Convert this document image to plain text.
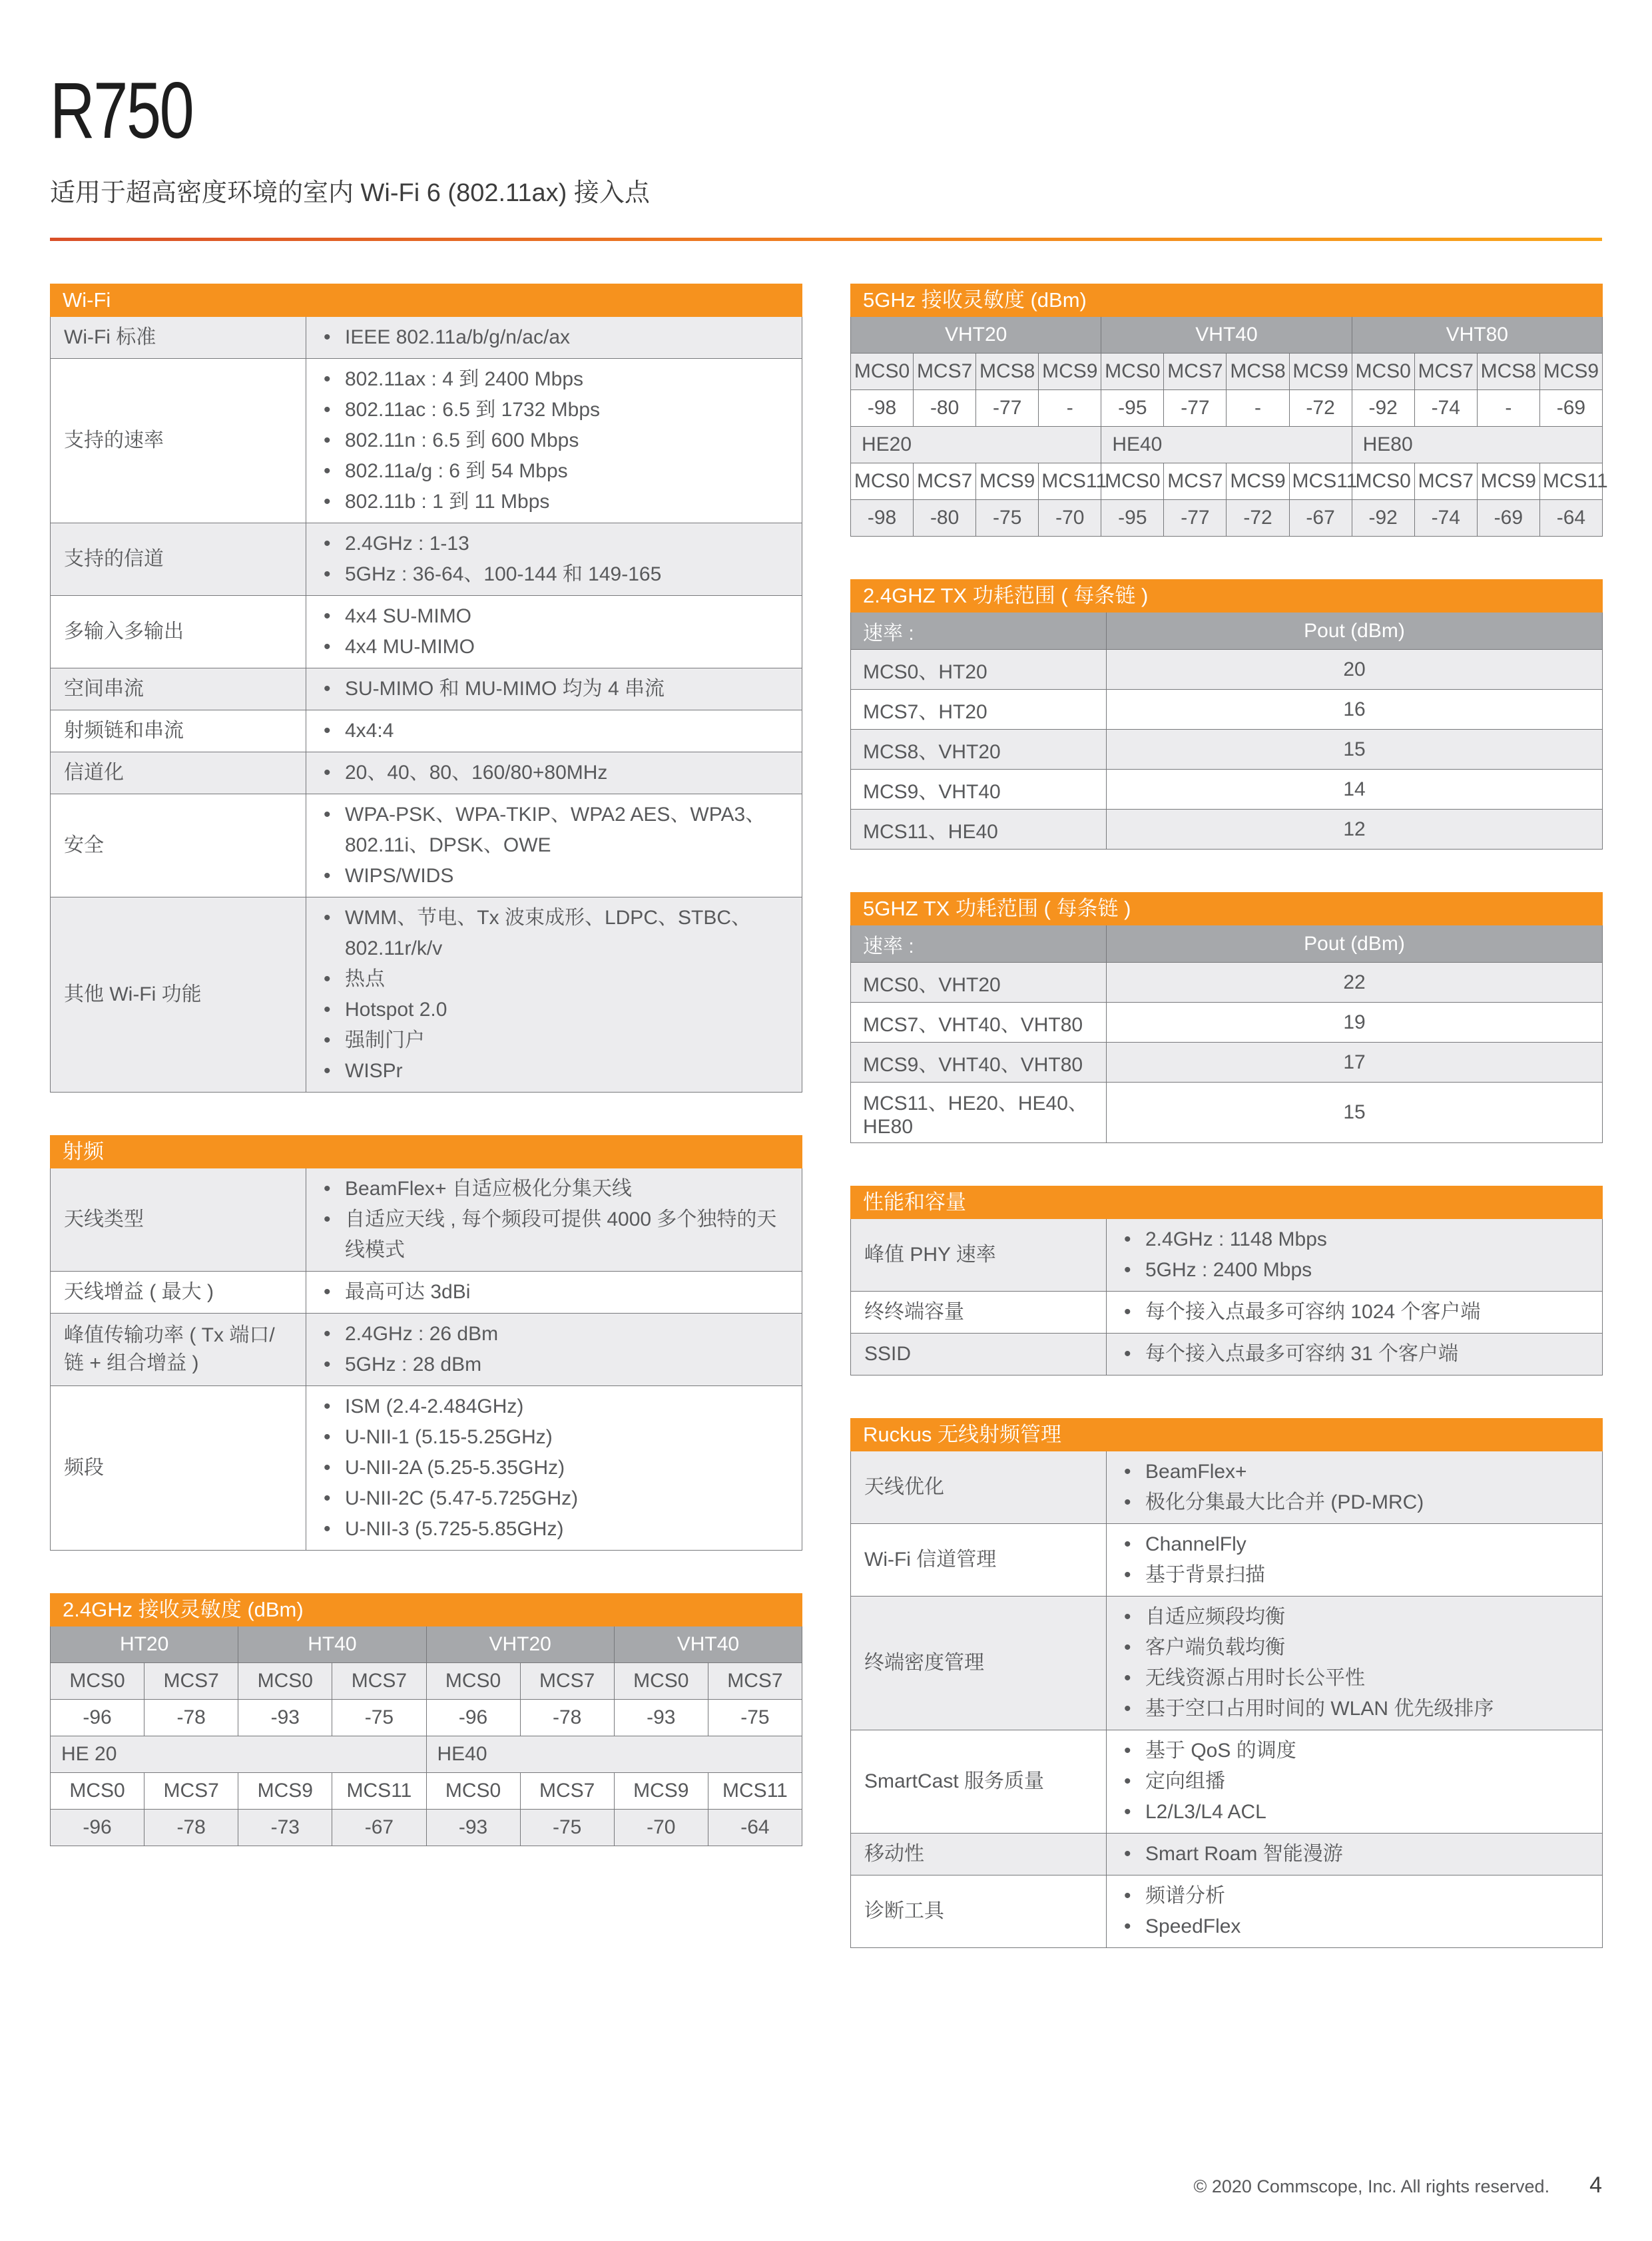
R750
适用于超高密度环境的室内 Wi-Fi 6 (802.11ax) 接入点
Wi-Fi	
Wi-Fi 标准	
•IEEE 802.11a/b/g/n/ac/ax

支持的速率	
• 802.11ax : 4 到 2400 Mbps
• 802.11ac : 6.5 到 1732 Mbps
• 802.11n : 6.5 到 600 Mbps
• 802.11a/g : 6 到 54 Mbps
• 802.11b : 1 到 11 Mbps

支持的信道	
• 2.4GHz : 1-13
• 5GHz : 36-64、100-144 和 149-165

多输入多输出	
• 4x4 SU-MIMO
• 4x4 MU-MIMO

空间串流	
•SU-MIMO 和 MU-MIMO 均为 4 串流

射频链和串流	
•4x4:4

信道化	
•20、40、80、160/80+80MHz

安全	
• WPA-PSK、WPA-TKIP、WPA2 AES、WPA3、802.11i、DPSK、OWE
• WIPS/WIDS

其他 Wi-Fi 功能	
• WMM、节电、Tx 波束成形、LDPC、STBC、802.11r/k/v
• 热点
• Hotspot 2.0
• 强制门户
• WISPr
射频	
天线类型	
• BeamFlex+ 自适应极化分集天线
• 自适应天线 , 每个频段可提供 4000 多个独特的天线模式

天线增益 ( 最大 )	
•最高可达 3dBi

峰值传输功率 ( Tx 端口/链 + 组合增益 )	
• 2.4GHz : 26 dBm
• 5GHz : 28 dBm

频段	
• ISM (2.4-2.484GHz)
• U-NII-1 (5.15-5.25GHz)
• U-NII-2A (5.25-5.35GHz)
• U-NII-2C (5.47-5.725GHz)
• U-NII-3 (5.725-5.85GHz)
2.4GHz 接收灵敏度 (dBm)							
HT20		HT40		VHT20		VHT40	
MCS0	MCS7	MCS0	MCS7	MCS0	MCS7	MCS0	MCS7
-96	-78	-93	-75	-96	-78	-93	-75
HE 20				HE40			
MCS0	MCS7	MCS9	MCS11	MCS0	MCS7	MCS9	MCS11
-96	-78	-73	-67	-93	-75	-70	-64
5GHz 接收灵敏度 (dBm)											
VHT20				VHT40				VHT80			
MCS0	MCS7	MCS8	MCS9	MCS0	MCS7	MCS8	MCS9	MCS0	MCS7	MCS8	MCS9
-98	-80	-77	-	-95	-77	-	-72	-92	-74	-	-69
HE20				HE40				HE80			
MCS0	MCS7	MCS9	MCS11	MCS0	MCS7	MCS9	MCS11	MCS0	MCS7	MCS9	MCS11
-98	-80	-75	-70	-95	-77	-72	-67	-92	-74	-69	-64
2.4GHZ TX 功耗范围 ( 每条链 )	
速率 :	Pout (dBm)
MCS0、HT20	20
MCS7、HT20	16
MCS8、VHT20	15
MCS9、VHT40	14
MCS11、HE40	12
5GHZ TX 功耗范围 ( 每条链 )	
速率 :	Pout (dBm)
MCS0、VHT20	22
MCS7、VHT40、VHT80	19
MCS9、VHT40、VHT80	17
MCS11、HE20、HE40、HE80	15
性能和容量	
峰值 PHY 速率	
• 2.4GHz : 1148 Mbps
• 5GHz : 2400 Mbps

终终端容量	
•每个接入点最多可容纳 1024 个客户端

SSID	
•每个接入点最多可容纳 31 个客户端
Ruckus 无线射频管理	
天线优化	
• BeamFlex+
• 极化分集最大比合并 (PD-MRC)

Wi-Fi 信道管理	
• ChannelFly
• 基于背景扫描

终端密度管理	
• 自适应频段均衡
• 客户端负载均衡
• 无线资源占用时长公平性
• 基于空口占用时间的 WLAN 优先级排序

SmartCast 服务质量	
• 基于 QoS 的调度
• 定向组播
• L2/L3/L4 ACL

移动性	
•Smart Roam 智能漫游

诊断工具	
• 频谱分析
• SpeedFlex
© 2020 Commscope, Inc. All rights reserved. 4
